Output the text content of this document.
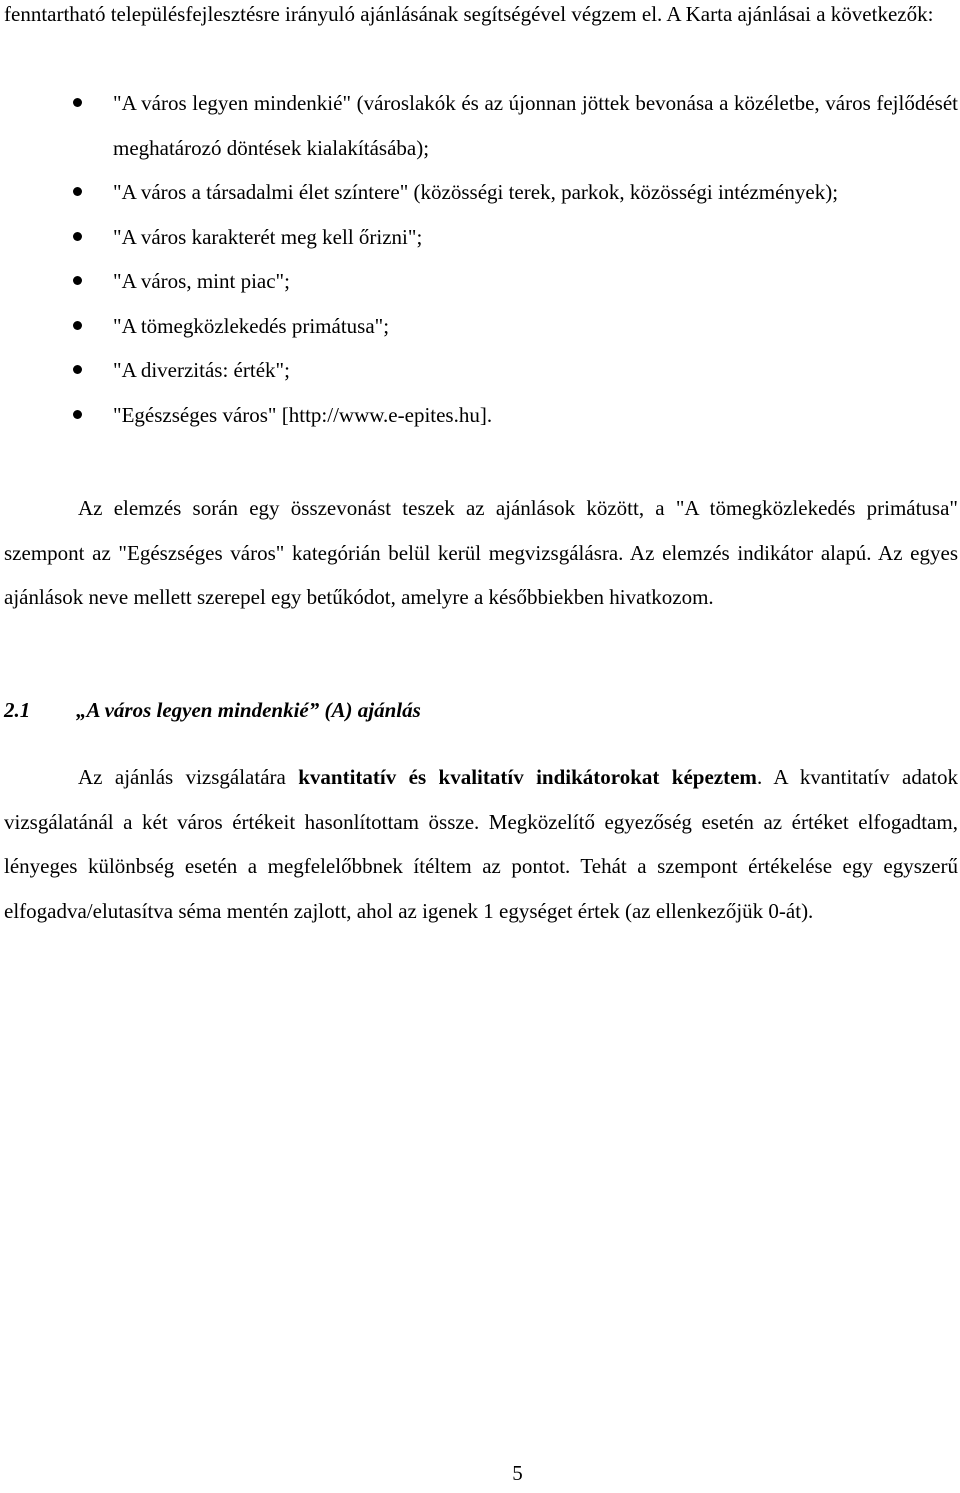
fenntartható településfejlesztésre irányuló ajánlásának segítségével végzem el. A Karta ajánlásai a következők:

"A város legyen mindenkié" (városlakók és az újonnan jöttek bevonása a közéletbe, város fejlődését meghatározó döntések kialakításába);
"A város a társadalmi élet színtere" (közösségi terek, parkok, közösségi intézmények);
"A város karakterét meg kell őrizni";
"A város, mint piac";
"A tömegközlekedés primátusa";
"A diverzitás: érték";
"Egészséges város" [http://www.e-epites.hu].

Az elemzés során egy összevonást teszek az ajánlások között, a "A tömegközlekedés primátusa" szempont az "Egészséges város" kategórián belül kerül megvizsgálásra. Az elemzés indikátor alapú. Az egyes ajánlások neve mellett szerepel egy betűkódot, amelyre a későbbiekben hivatkozom.

2.1 „A város legyen mindenkié” (A) ajánlás

Az ajánlás vizsgálatára kvantitatív és kvalitatív indikátorokat képeztem. A kvantitatív adatok vizsgálatánál a két város értékeit hasonlítottam össze. Megközelítő egyezőség esetén az értéket elfogadtam, lényeges különbség esetén a megfelelőbbnek ítéltem az pontot. Tehát a szempont értékelése egy egyszerű elfogadva/elutasítva séma mentén zajlott, ahol az igenek 1 egységet értek (az ellenkezőjük 0-át).

5
